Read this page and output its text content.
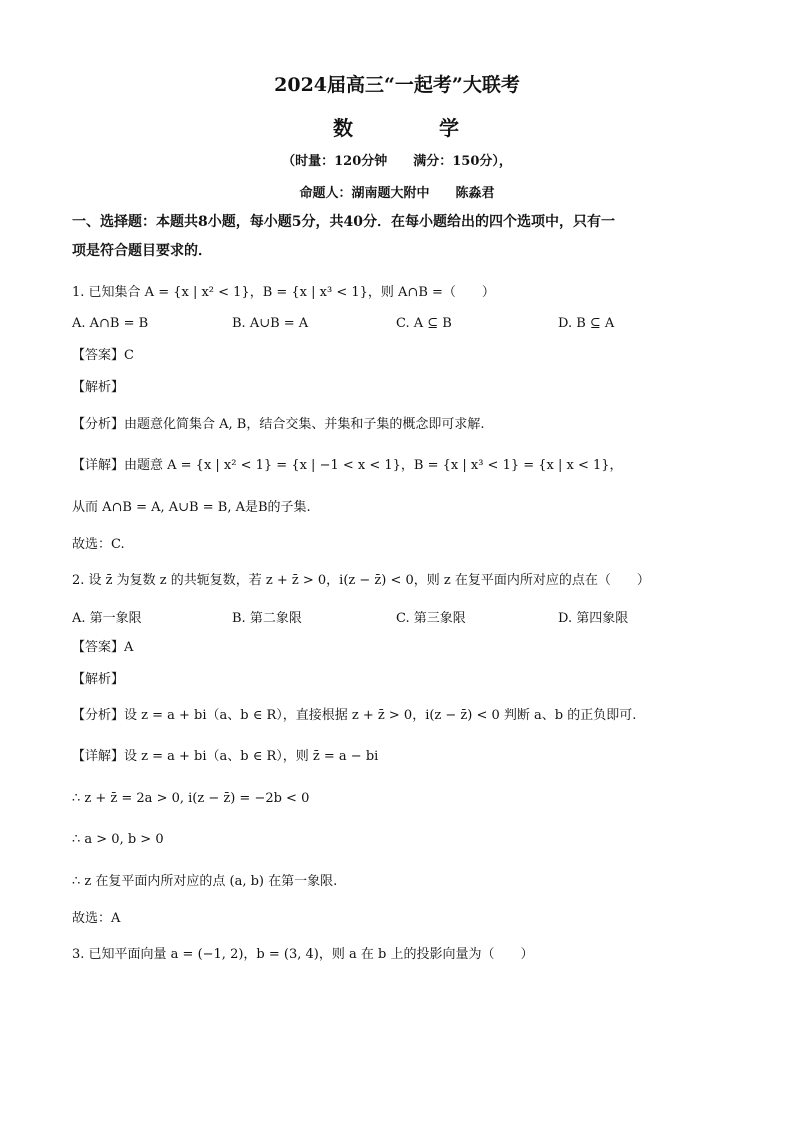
2024届高三“一起考”大联考
数	学
（时量：120分钟　　满分：150分），
命题人：湖南题大附中　　陈淼君
一、选择题：本题共8小题，每小题5分，共40分．在每小题给出的四个选项中，只有一
项是符合题目要求的．
1. 已知集合 A = {x | x² < 1}，B = {x | x³ < 1}，则 A∩B =（　　）
A. A∩B = B	B. A∪B = A	C. A ⊆ B	D. B ⊆ A
【答案】C
【解析】
【分析】由题意化简集合 A, B，结合交集、并集和子集的概念即可求解.
【详解】由题意 A = {x | x² < 1} = {x | −1 < x < 1}，B = {x | x³ < 1} = {x | x < 1}，
从而 A∩B = A, A∪B = B, A是B的子集.
故选：C.
2. 设 z̄ 为复数 z 的共轭复数，若 z + z̄ > 0，i(z − z̄) < 0，则 z 在复平面内所对应的点在（　　）
A. 第一象限	B. 第二象限	C. 第三象限	D. 第四象限
【答案】A
【解析】
【分析】设 z = a + bi（a、b ∈ R），直接根据 z + z̄ > 0，i(z − z̄) < 0 判断 a、b 的正负即可.
【详解】设 z = a + bi（a、b ∈ R），则 z̄ = a − bi
∴ z + z̄ = 2a > 0, i(z − z̄) = −2b < 0
∴ a > 0, b > 0
∴ z 在复平面内所对应的点 (a, b) 在第一象限.
故选：A
3. 已知平面向量 a = (−1, 2)，b = (3, 4)，则 a 在 b 上的投影向量为（　　）
